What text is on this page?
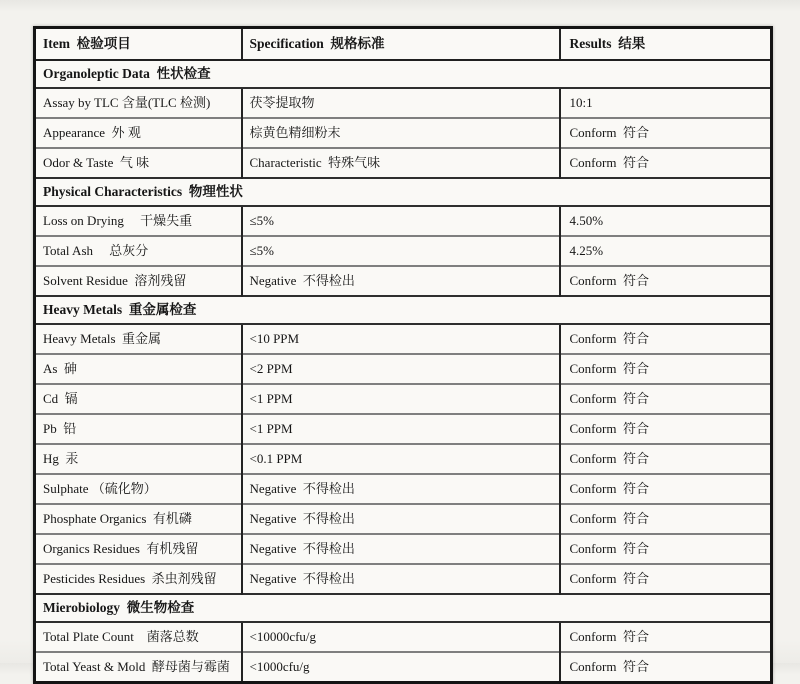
Item  检验项目	Specification  规格标准	Results  结果
Organoleptic Data  性状检查		
Assay by TLC 含量(TLC 检测)	茯苓提取物	10:1
Appearance  外 观	棕黄色精细粉末	Conform  符合
Odor & Taste  气 味	Characteristic  特殊气味	Conform  符合
Physical Characteristics  物理性状		
Loss on Drying     干燥失重	≤5%	4.50%
Total Ash     总灰分	≤5%	4.25%
Solvent Residue  溶剂残留	Negative  不得检出	Conform  符合
Heavy Metals  重金属检查		
Heavy Metals  重金属	<10 PPM	Conform  符合
As  砷	<2 PPM	Conform  符合
Cd  镉	<1 PPM	Conform  符合
Pb  铅	<1 PPM	Conform  符合
Hg  汞	<0.1 PPM	Conform  符合
Sulphate （硫化物）	Negative  不得检出	Conform  符合
Phosphate Organics  有机磷	Negative  不得检出	Conform  符合
Organics Residues  有机残留	Negative  不得检出	Conform  符合
Pesticides Residues  杀虫剂残留	Negative  不得检出	Conform  符合
Mierobiology  微生物检查		
Total Plate Count    菌落总数	<10000cfu/g	Conform  符合
Total Yeast & Mold  酵母菌与霉菌	<1000cfu/g	Conform  符合
